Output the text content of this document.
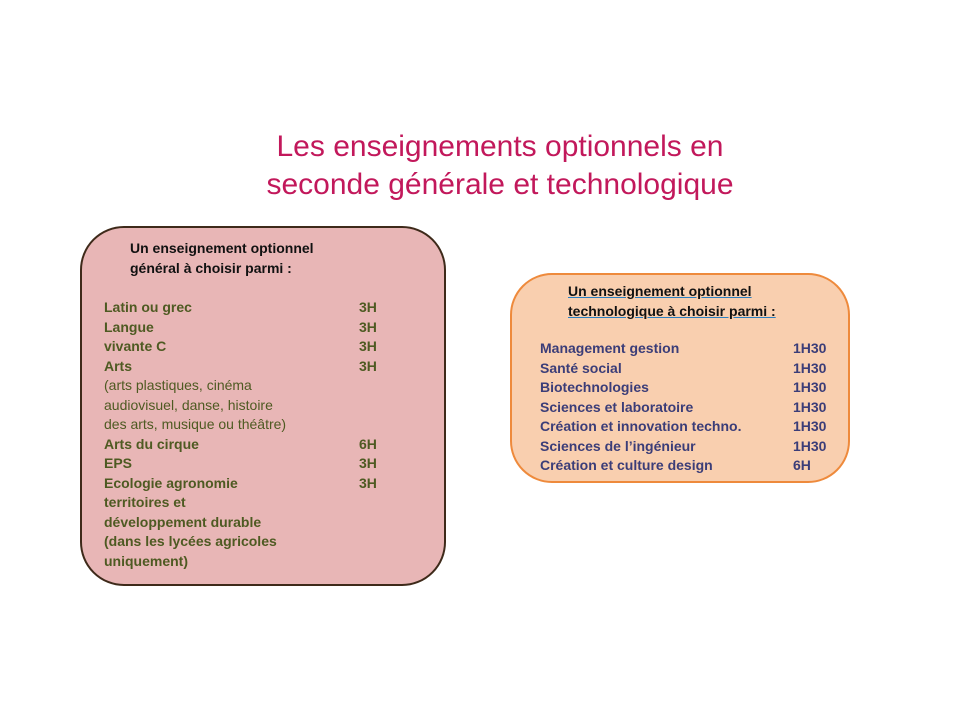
Les enseignements optionnels en
seconde générale et technologique
Un enseignement optionnel
général à choisir parmi :
Latin ou grec	3H
Langue	3H
vivante C	3H
Arts	3H
(arts plastiques, cinéma
audiovisuel, danse, histoire
des arts, musique ou théâtre)
Arts du cirque	6H
EPS	3H
Ecologie agronomie	3H
territoires et
développement durable
(dans les lycées agricoles
uniquement)
Un enseignement optionnel
technologique à choisir parmi :
Management gestion	1H30
Santé social	1H30
Biotechnologies	1H30
Sciences et laboratoire	1H30
Création et innovation techno.	1H30
Sciences de l’ingénieur	1H30
Création et culture design	6H
